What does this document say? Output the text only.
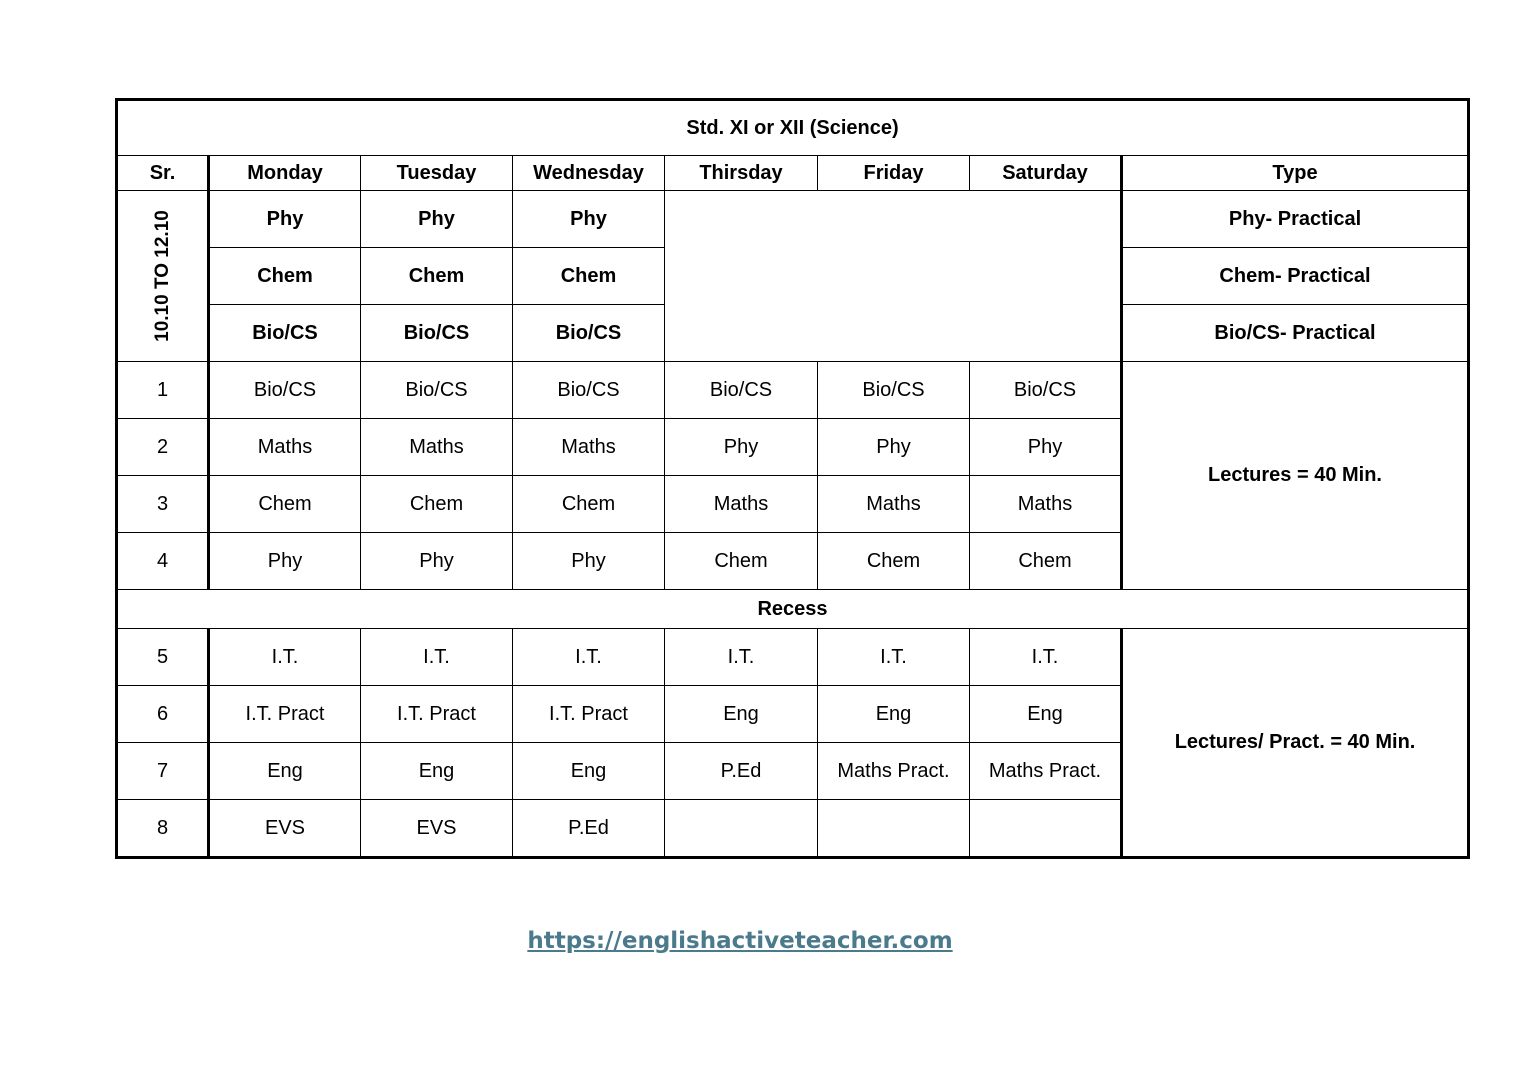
Std. XI or XII (Science)							
Sr.	Monday	Tuesday	Wednesday	Thirsday	Friday	Saturday	Type

10.10 TO 12.10	Phy	Phy	Phy				Phy- Practical
	Chem	Chem	Chem				Chem- Practical
	Bio/CS	Bio/CS	Bio/CS				Bio/CS- Practical
1	Bio/CS	Bio/CS	Bio/CS	Bio/CS	Bio/CS	Bio/CS	Lectures = 40 Min.
2	Maths	Maths	Maths	Phy	Phy	Phy	
3	Chem	Chem	Chem	Maths	Maths	Maths	
4	Phy	Phy	Phy	Chem	Chem	Chem	
Recess							
5	I.T.	I.T.	I.T.	I.T.	I.T.	I.T.	Lectures/ Pract. = 40 Min.
6	I.T. Pract	I.T. Pract	I.T. Pract	Eng	Eng	Eng	
7	Eng	Eng	Eng	P.Ed	Maths Pract.	Maths Pract.	
8	EVS	EVS	P.Ed				
https://englishactiveteacher.com
